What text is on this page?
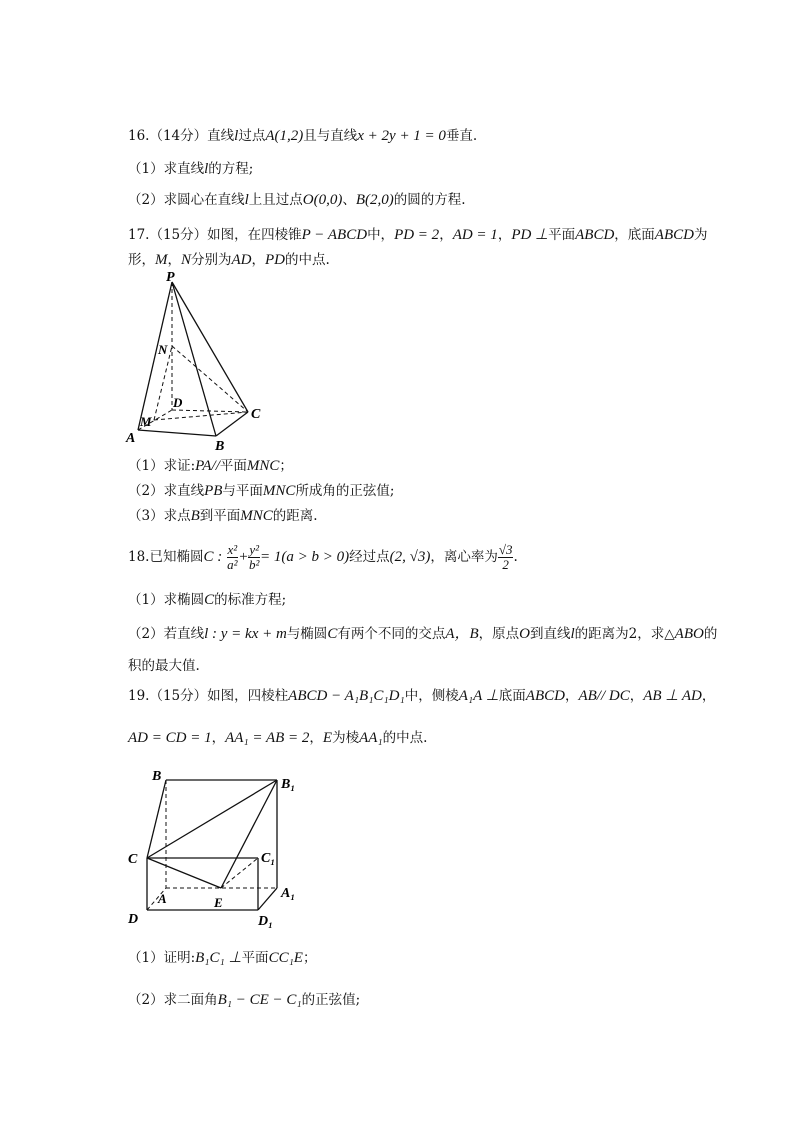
16.（14分）直线l过点A(1,2)且与直线x + 2y + 1 = 0垂直.
（1）求直线l的方程;
（2）求圆心在直线l上且过点O(0,0)、B(2,0)的圆的方程.
17.（15分）如图，在四棱锥P − ABCD中，PD = 2，AD = 1，PD ⊥平面ABCD，底面ABCD为
形，M，N分别为AD，PD的中点.
P
N
D
C
M
A
B
（1）求证:PA//平面MNC；
（2）求直线PB与平面MNC所成角的正弦值;
（3）求点B到平面MNC的距离.
18.已知椭圆C : $\frac{\text{x²}}{\text{a²}} + \frac{\text{y²}}{\text{b²}} = 1(a > b > 0)$经过点(2, √3)，离心率为 $\frac{√3}{2}$ .
（1）求椭圆C的标准方程;
（2）若直线l : y = kx + m与椭圆C有两个不同的交点A，B，原点O到直线l的距离为2，求△ABO的
积的最大值.
19.（15分）如图，四棱柱ABCD − A₁B₁C₁D₁中，侧棱A₁A ⊥底面ABCD，AB// DC，AB ⊥ AD，
AD = CD = 1，AA₁ = AB = 2，E为棱AA₁的中点.
B
B₁
C	C₁
A	E
A₁
D	D₁
（1）证明:B₁C₁ ⊥平面CC₁E；
（2）求二面角B₁ − CE − C₁的正弦值;
